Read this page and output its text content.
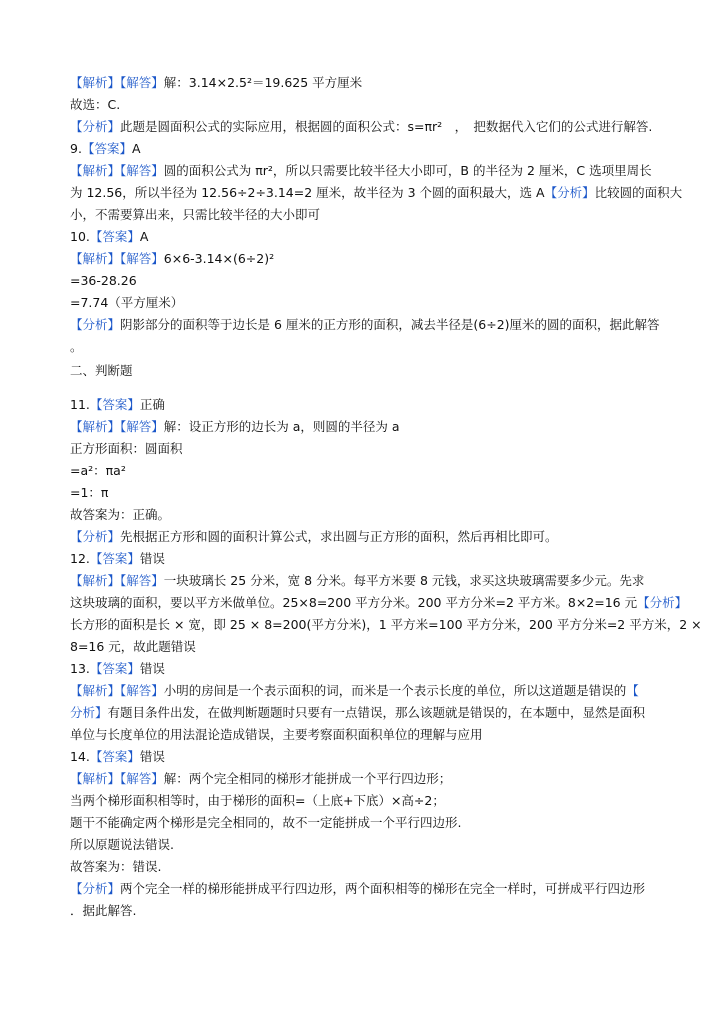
【解析】【解答】解：3.14×2.5²＝19.625 平方厘米
故选：C.
【分析】此题是圆面积公式的实际应用，根据圆的面积公式：s=πr²　，　把数据代入它们的公式进行解答.
9.【答案】A
【解析】【解答】圆的面积公式为 πr²，所以只需要比较半径大小即可，B 的半径为 2 厘米，C 选项里周长
为 12.56，所以半径为 12.56÷2÷3.14=2 厘米，故半径为 3 个圆的面积最大，选 A【分析】比较圆的面积大
小，不需要算出来，只需比较半径的大小即可
10.【答案】A
【解析】【解答】6×6-3.14×(6÷2)²
=36-28.26
=7.74（平方厘米）
【分析】阴影部分的面积等于边长是 6 厘米的正方形的面积，减去半径是(6÷2)厘米的圆的面积，据此解答
。
二、判断题
11.【答案】正确
【解析】【解答】解：设正方形的边长为 a，则圆的半径为 a
正方形面积：圆面积
=a²：πa²
=1：π
故答案为：正确。
【分析】先根据正方形和圆的面积计算公式，求出圆与正方形的面积，然后再相比即可。
12.【答案】错误
【解析】【解答】一块玻璃长 25 分米，宽 8 分米。每平方米要 8 元钱，求买这块玻璃需要多少元。先求
这块玻璃的面积，要以平方米做单位。25×8=200 平方分米。200 平方分米=2 平方米。8×2=16 元【分析】
长方形的面积是长 × 宽，即 25 × 8=200(平方分米)，1 平方米=100 平方分米，200 平方分米=2 平方米，2 ×
8=16 元，故此题错误
13.【答案】错误
【解析】【解答】小明的房间是一个表示面积的词，而米是一个表示长度的单位，所以这道题是错误的【
分析】有题目条件出发，在做判断题题时只要有一点错误，那么该题就是错误的，在本题中，显然是面积
单位与长度单位的用法混论造成错误，主要考察面积面积单位的理解与应用
14.【答案】错误
【解析】【解答】解：两个完全相同的梯形才能拼成一个平行四边形；
当两个梯形面积相等时，由于梯形的面积=（上底+下底）×高÷2；
题干不能确定两个梯形是完全相同的，故不一定能拼成一个平行四边形.
所以原题说法错误.
故答案为：错误.
【分析】两个完全一样的梯形能拼成平行四边形，两个面积相等的梯形在完全一样时，可拼成平行四边形
．据此解答.
